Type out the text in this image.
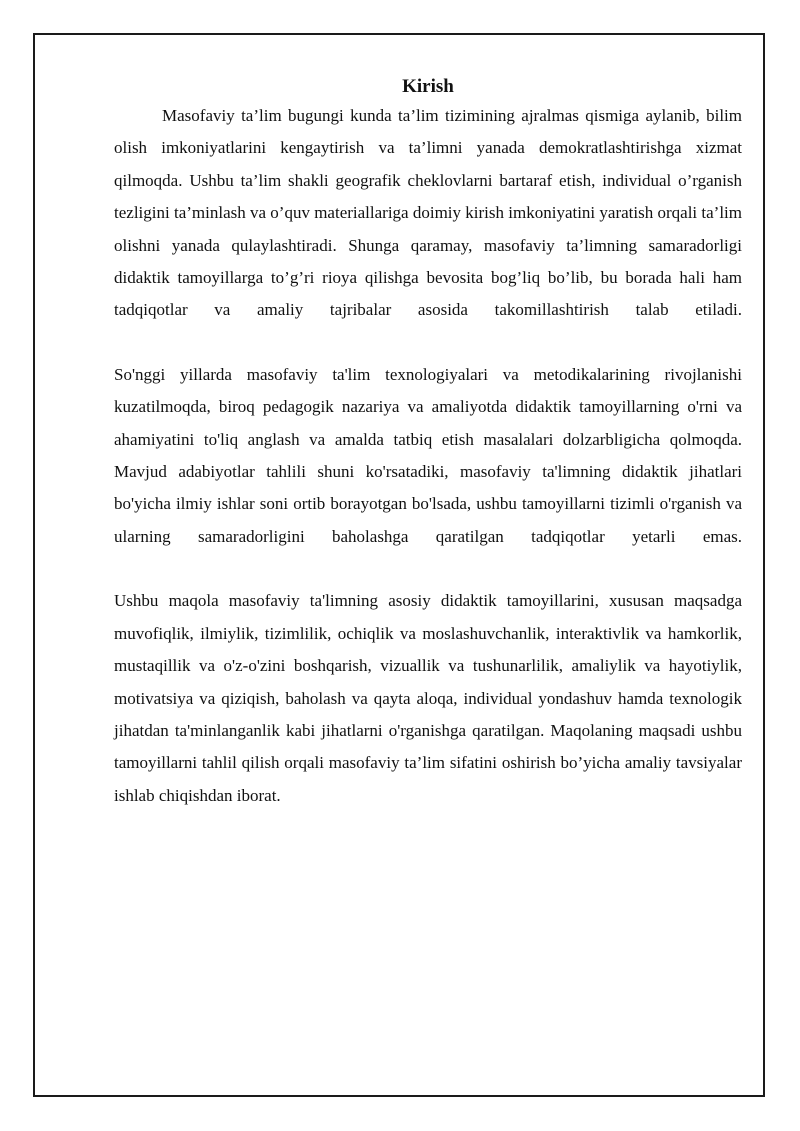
Kirish

Masofaviy ta’lim bugungi kunda ta’lim tizimining ajralmas qismiga aylanib, bilim olish imkoniyatlarini kengaytirish va ta’limni yanada demokratlashtirishga xizmat qilmoqda. Ushbu ta’lim shakli geografik cheklovlarni bartaraf etish, individual o’rganish tezligini ta’minlash va o’quv materiallariga doimiy kirish imkoniyatini yaratish orqali ta’lim olishni yanada qulaylashtiradi. Shunga qaramay, masofaviy ta’limning samaradorligi didaktik tamoyillarga to’g’ri rioya qilishga bevosita bog’liq bo’lib, bu borada hali ham tadqiqotlar va amaliy tajribalar asosida takomillashtirish talab etiladi.

So'nggi yillarda masofaviy ta'lim texnologiyalari va metodikalarining rivojlanishi kuzatilmoqda, biroq pedagogik nazariya va amaliyotda didaktik tamoyillarning o'rni va ahamiyatini to'liq anglash va amalda tatbiq etish masalalari dolzarbligicha qolmoqda. Mavjud adabiyotlar tahlili shuni ko'rsatadiki, masofaviy ta'limning didaktik jihatlari bo'yicha ilmiy ishlar soni ortib borayotgan bo'lsada, ushbu tamoyillarni tizimli o'rganish va ularning samaradorligini baholashga qaratilgan tadqiqotlar yetarli emas.

Ushbu maqola masofaviy ta'limning asosiy didaktik tamoyillarini, xususan maqsadga muvofiqlik, ilmiylik, tizimlilik, ochiqlik va moslashuvchanlik, interaktivlik va hamkorlik, mustaqillik va o'z-o'zini boshqarish, vizuallik va tushunarlilik, amaliylik va hayotiylik, motivatsiya va qiziqish, baholash va qayta aloqa, individual yondashuv hamda texnologik jihatdan ta'minlanganlik kabi jihatlarni o'rganishga qaratilgan. Maqolaning maqsadi ushbu tamoyillarni tahlil qilish orqali masofaviy ta’lim sifatini oshirish bo’yicha amaliy tavsiyalar ishlab chiqishdan iborat.
